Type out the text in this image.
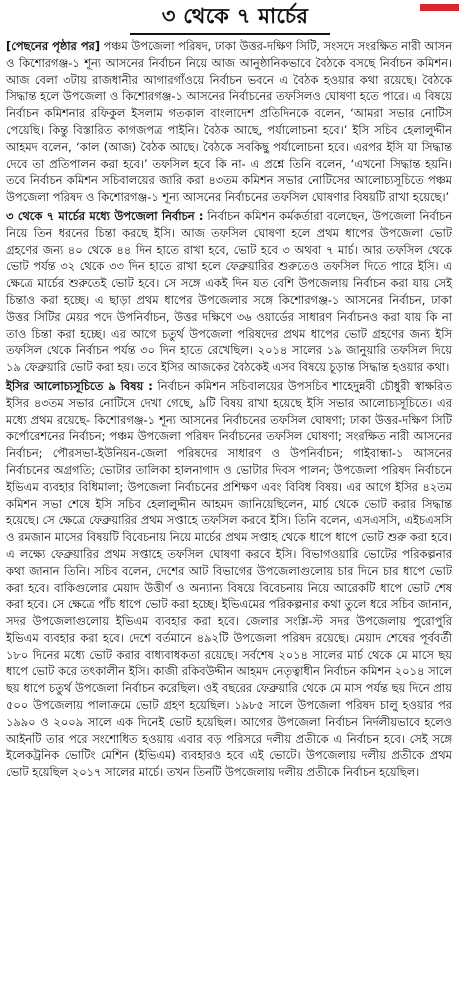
৩ থেকে ৭ মার্চের

[পেছনের পৃষ্ঠার পর] পঞ্চম উপজেলা পরিষদ, ঢাকা উত্তর-দক্ষিণ সিটি, সংসদে সংরক্ষিত নারী আসন ও কিশোরগঞ্জ-১ শূন্য আসনের নির্বাচন নিয়ে আজ আনুষ্ঠানিকভাবে বৈঠকে বসছে নির্বাচন কমিশন। আজ বেলা ৩টায় রাজধানীর আগারগাঁওয়ে নির্বাচন ভবনে এ বৈঠক হওয়ার কথা রয়েছে। বৈঠকে সিদ্ধান্ত হলে উপজেলা ও কিশোরগঞ্জ-১ আসনের নির্বাচনের তফসিলও ঘোষণা হতে পারে। এ বিষয়ে নির্বাচন কমিশনার রফিকুল ইসলাম গতকাল বাংলাদেশ প্রতিদিনকে বলেন, ‘আমরা সভার নোটিস পেয়েছি। কিন্তু বিস্তারিত কাগজপত্র পাইনি। বৈঠক আছে, পর্যালোচনা হবে।’ ইসি সচিব হেলালুদ্দীন আহমদ বলেন, ‘কাল (আজ) বৈঠক আছে। বৈঠকে সবকিছু পর্যালোচনা হবে। এরপর ইসি যা সিদ্ধান্ত দেবে তা প্রতিপালন করা হবে।’ তফসিল হবে কি না- এ প্রশ্নে তিনি বলেন, ‘এখনো সিদ্ধান্ত হয়নি। তবে নির্বাচন কমিশন সচিবালয়ের জারি করা ৪৩তম কমিশন সভার নোটিসের আলোচ্যসূচিতে পঞ্চম উপজেলা পরিষদ ও কিশোরগঞ্জ-১ শূন্য আসনের নির্বাচনের তফসিল ঘোষণার বিষয়টি রাখা হয়েছে।’

৩ থেকে ৭ মার্চের মধ্যে উপজেলা নির্বাচন : নির্বাচন কমিশন কর্মকর্তারা বলেছেন, উপজেলা নির্বাচন নিয়ে তিন ধরনের চিন্তা করছে ইসি। আজ তফসিল ঘোষণা হলে প্রথম ধাপের উপজেলা ভোট গ্রহণের জন্য ৪০ থেকে ৪৪ দিন হাতে রাখা হবে, ভোট হবে ৩ অথবা ৭ মার্চ। আর তফসিল থেকে ভোট পর্যন্ত ৩২ থেকে ৩৩ দিন হাতে রাখা হলে ফেব্রুয়ারির শুরুতেও তফসিল দিতে পারে ইসি। এ ক্ষেত্রে মার্চের শুরুতেই ভোট হবে। সে সঙ্গে একই দিন যত বেশি উপজেলায় নির্বাচন করা যায় সেই চিন্তাও করা হচ্ছে। এ ছাড়া প্রথম ধাপের উপজেলার সঙ্গে কিশোরগঞ্জ-১ আসনের নির্বাচন, ঢাকা উত্তর সিটির মেয়র পদে উপনির্বাচন, উত্তর দক্ষিণে ৩৬ ওয়ার্ডের সাধারণ নির্বাচনও করা যায় কি না তাও চিন্তা করা হচ্ছে। এর আগে চতুর্থ উপজেলা পরিষদের প্রথম ধাপের ভোট গ্রহণের জন্য ইসি তফসিল থেকে নির্বাচন পর্যন্ত ৩০ দিন হাতে রেখেছিল। ২০১৪ সালের ১৯ জানুয়ারি তফসিল দিয়ে ১৯ ফেব্রুয়ারি ভোট করা হয়। তবে ইসির আজকের বৈঠকেই এসব বিষয়ে চূড়ান্ত সিদ্ধান্ত হওয়ার কথা।

ইসির আলোচ্যসূচিতে ৯ বিষয় : নির্বাচন কমিশন সচিবালয়ের উপসচিব শাহেদুন্নবী চৌধুরী স্বাক্ষরিত ইসির ৪৩তম সভার নোটিসে দেখা গেছে, ৯টি বিষয় রাখা হয়েছে ইসি সভার আলোচ্যসূচিতে। এর মধ্যে প্রথম রয়েছে- কিশোরগঞ্জ-১ শূন্য আসনের নির্বাচনের তফসিল ঘোষণা; ঢাকা উত্তর-দক্ষিণ সিটি কর্পোরেশনের নির্বাচন; পঞ্চম উপজেলা পরিষদ নির্বাচনের তফসিল ঘোষণা; সংরক্ষিত নারী আসনের নির্বাচন; পৌরসভা-ইউনিয়ন-জেলা পরিষদের সাধারণ ও উপনির্বাচন; গাইবান্ধা-১ আসনের নির্বাচনের অগ্রগতি; ভোটার তালিকা হালনাগাদ ও ভোটার দিবস পালন; উপজেলা পরিষদ নির্বাচনে ইভিএম ব্যবহার বিধিমালা; উপজেলা নির্বাচনের প্রশিক্ষণ এবং বিবিধ বিষয়। এর আগে ইসির ৪২তম কমিশন সভা শেষে ইসি সচিব হেলালুদ্দীন আহমদ জানিয়েছিলেন, মার্চ থেকে ভোট করার সিদ্ধান্ত হয়েছে। সে ক্ষেত্রে ফেব্রুয়ারির প্রথম সপ্তাহে তফসিল করবে ইসি। তিনি বলেন, এসএসসি, এইচএসসি ও রমজান মাসের বিষয়টি বিবেচনায় নিয়ে মার্চের প্রথম সপ্তাহ থেকে ধাপে ধাপে ভোট শুরু করা হবে। এ লক্ষ্যে ফেব্রুয়ারির প্রথম সপ্তাহে তফসিল ঘোষণা করবে ইসি। বিভাগওয়ারি ভোটের পরিকল্পনার কথা জানান তিনি। সচিব বলেন, দেশের আট বিভাগের উপজেলাগুলোয় চার দিনে চার ধাপে ভোট করা হবে। বাকিগুলোর মেয়াদ উত্তীর্ণ ও অন্যান্য বিষয়ে বিবেচনায় নিয়ে আরেকটি ধাপে ভোট শেষ করা হবে। সে ক্ষেত্রে পাঁচ ধাপে ভোট করা হচ্ছে। ইভিএমের পরিকল্পনার কথা তুলে ধরে সচিব জানান, সদর উপজেলাগুলোয় ইভিএম ব্যবহার করা হবে। জেলার সংশ্লি-স্ট সদর উপজেলায় পুরোপুরি ইভিএম ব্যবহার করা হবে। দেশে বর্তমানে ৪৯২টি উপজেলা পরিষদ রয়েছে। মেয়াদ শেষের পূর্ববর্তী ১৮০ দিনের মধ্যে ভোট করার বাধ্যবাধকতা রয়েছে। সর্বশেষ ২০১৪ সালের মার্চ থেকে মে মাসে ছয় ধাপে ভোট করে তৎকালীন ইসি। কাজী রকিবউদ্দীন আহমদ নেতৃত্বাধীন নির্বাচন কমিশন ২০১৪ সালে ছয় ধাপে চতুর্থ উপজেলা নির্বাচন করেছিল। ওই বছরের ফেব্রুয়ারি থেকে মে মাস পর্যন্ত ছয় দিনে প্রায় ৫০০ উপজেলায় পালাক্রমে ভোট গ্রহণ হয়েছিল। ১৯৮৫ সালে উপজেলা পরিষদ চালু হওয়ার পর ১৯৯০ ও ২০০৯ সালে এক দিনেই ভোট হয়েছিল। আগের উপজেলা নির্বাচন নির্দলীয়ভাবে হলেও আইনটি তার পরে সংশোধিত হওয়ায় এবার বড় পরিসরে দলীয় প্রতীকে এ নির্বাচন হবে। সেই সঙ্গে ইলেকট্রনিক ভোটিং মেশিন (ইভিএম) ব্যবহারও হবে এই ভোটে। উপজেলায় দলীয় প্রতীকে প্রথম ভোট হয়েছিল ২০১৭ সালের মার্চে। তখন তিনটি উপজেলায় দলীয় প্রতীকে নির্বাচন হয়েছিল।
